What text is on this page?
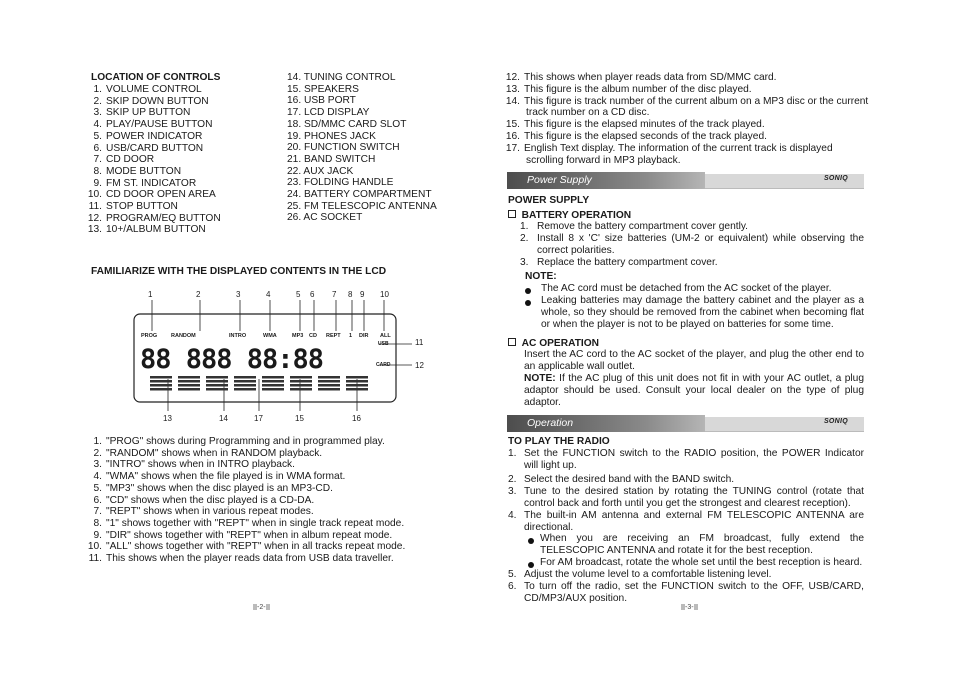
LOCATION OF CONTROLS
1. VOLUME CONTROL
2. SKIP DOWN BUTTON
3. SKIP UP BUTTON
4. PLAY/PAUSE BUTTON
5. POWER INDICATOR
6. USB/CARD BUTTON
7. CD DOOR
8. MODE BUTTON
9. FM ST. INDICATOR
10. CD DOOR OPEN AREA
11. STOP BUTTON
12. PROGRAM/EQ BUTTON
13. 10+/ALBUM BUTTON
14. TUNING CONTROL
15. SPEAKERS
16. USB PORT
17. LCD DISPLAY
18. SD/MMC CARD SLOT
19. PHONES JACK
20. FUNCTION SWITCH
21. BAND SWITCH
22. AUX JACK
23. FOLDING HANDLE
24. BATTERY COMPARTMENT
25. FM TELESCOPIC ANTENNA
26. AC SOCKET
FAMILIARIZE WITH THE DISPLAYED CONTENTS IN THE LCD
1	2	3	4	5 6 7 8 9 10
PROG	RANDOM	INTRO	WMA	MP3 CD REPT 1 DIR ALL
USB
CARD
11
12
13	14	17	15	16
88 888 88:88
1. "PROG" shows during Programming and in programmed play.
2. "RANDOM" shows when in RANDOM playback.
3. "INTRO" shows when in INTRO playback.
4. "WMA" shows when the file played is in WMA format.
5. "MP3" shows when the disc played is an MP3-CD.
6. "CD" shows when the disc played is a CD-DA.
7. "REPT" shows when in various repeat modes.
8. "1" shows together with "REPT" when in single track repeat mode.
9. "DIR" shows together with "REPT" when in album repeat mode.
10. "ALL" shows together with "REPT" when in all tracks repeat mode.
11. This shows when the player reads data from USB data traveller.
-2-
12. This shows when player reads data from SD/MMC card.
13. This figure is the album number of the disc played.
14. This figure is track number of the current album on a MP3 disc or the current
track number on a CD disc.
15. This figure is the elapsed minutes of the track played.
16. This figure is the elapsed seconds of the track played.
17. English Text display. The information of the current track is displayed
scrolling forward in MP3 playback.
Power Supply	SONIQ
POWER SUPPLY
BATTERY OPERATION
1. Remove the battery compartment cover gently.
2. Install 8 x 'C' size batteries (UM-2 or equivalent) while observing the correct polarities.
3. Replace the battery compartment cover.
NOTE:
The AC cord must be detached from the AC socket of the player.
Leaking batteries may damage the battery cabinet and the player as a whole, so they should be removed from the cabinet when becoming flat or when the player is not to be played on batteries for some time.
AC OPERATION
Insert the AC cord to the AC socket of the player, and plug the other end to an applicable wall outlet.
NOTE: If the AC plug of this unit does not fit in with your AC outlet, a plug adaptor should be used. Consult your local dealer on the type of plug adaptor.
Operation	SONIQ
TO PLAY THE RADIO
1. Set the FUNCTION switch to the RADIO position, the POWER Indicator will light up.
2. Select the desired band with the BAND switch.
3. Tune to the desired station by rotating the TUNING control (rotate that control back and forth until you get the strongest and clearest reception).
4. The built-in AM antenna and external FM TELESCOPIC ANTENNA are directional.
When you are receiving an FM broadcast, fully extend the TELESCOPIC ANTENNA and rotate it for the best reception.
For AM broadcast, rotate the whole set until the best reception is heard.
5. Adjust the volume level to a comfortable listening level.
6. To turn off the radio, set the FUNCTION switch to the OFF, USB/CARD, CD/MP3/AUX position.
-3-
